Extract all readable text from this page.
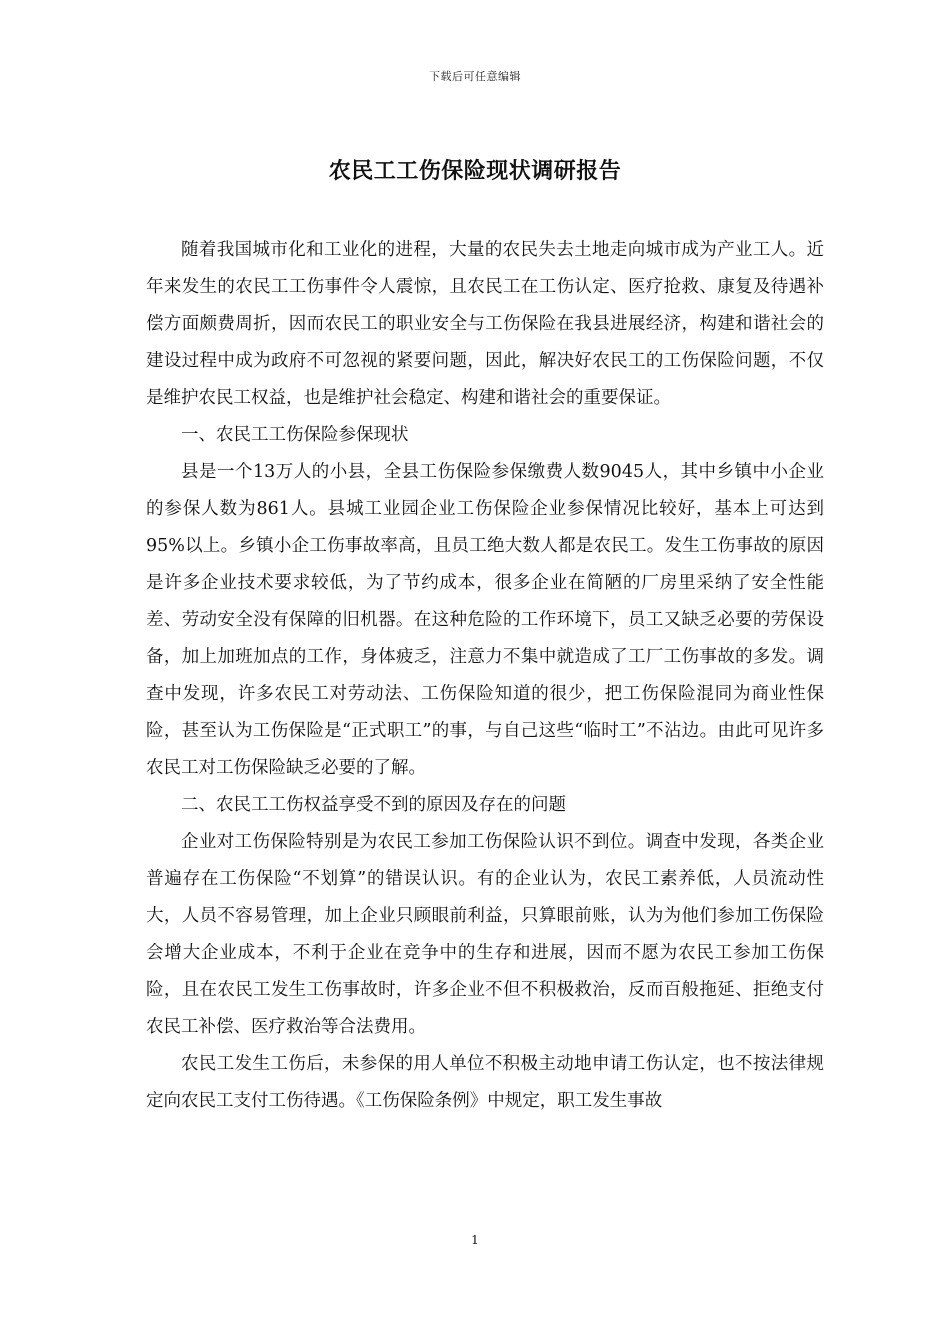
下载后可任意编辑
农民工工伤保险现状调研报告

随着我国城市化和工业化的进程，大量的农民失去土地走向城市成为产业工人。近年来发生的农民工工伤事件令人震惊，且农民工在工伤认定、医疗抢救、康复及待遇补偿方面颇费周折，因而农民工的职业安全与工伤保险在我县进展经济，构建和谐社会的建设过程中成为政府不可忽视的紧要问题，因此，解决好农民工的工伤保险问题，不仅是维护农民工权益，也是维护社会稳定、构建和谐社会的重要保证。

一、农民工工伤保险参保现状

县是一个13万人的小县，全县工伤保险参保缴费人数9045人，其中乡镇中小企业的参保人数为861人。县城工业园企业工伤保险企业参保情况比较好，基本上可达到95%以上。乡镇小企工伤事故率高，且员工绝大数人都是农民工。发生工伤事故的原因是许多企业技术要求较低，为了节约成本，很多企业在简陋的厂房里采纳了安全性能差、劳动安全没有保障的旧机器。在这种危险的工作环境下，员工又缺乏必要的劳保设备，加上加班加点的工作，身体疲乏，注意力不集中就造成了工厂工伤事故的多发。调查中发现，许多农民工对劳动法、工伤保险知道的很少，把工伤保险混同为商业性保险，甚至认为工伤保险是“正式职工”的事，与自己这些“临时工”不沾边。由此可见许多农民工对工伤保险缺乏必要的了解。

二、农民工工伤权益享受不到的原因及存在的问题

企业对工伤保险特别是为农民工参加工伤保险认识不到位。调查中发现，各类企业普遍存在工伤保险“不划算”的错误认识。有的企业认为，农民工素养低，人员流动性大，人员不容易管理，加上企业只顾眼前利益，只算眼前账，认为为他们参加工伤保险会增大企业成本，不利于企业在竞争中的生存和进展，因而不愿为农民工参加工伤保险，且在农民工发生工伤事故时，许多企业不但不积极救治，反而百般拖延、拒绝支付农民工补偿、医疗救治等合法费用。

农民工发生工伤后，未参保的用人单位不积极主动地申请工伤认定，也不按法律规定向农民工支付工伤待遇。《工伤保险条例》中规定，职工发生事故

1
